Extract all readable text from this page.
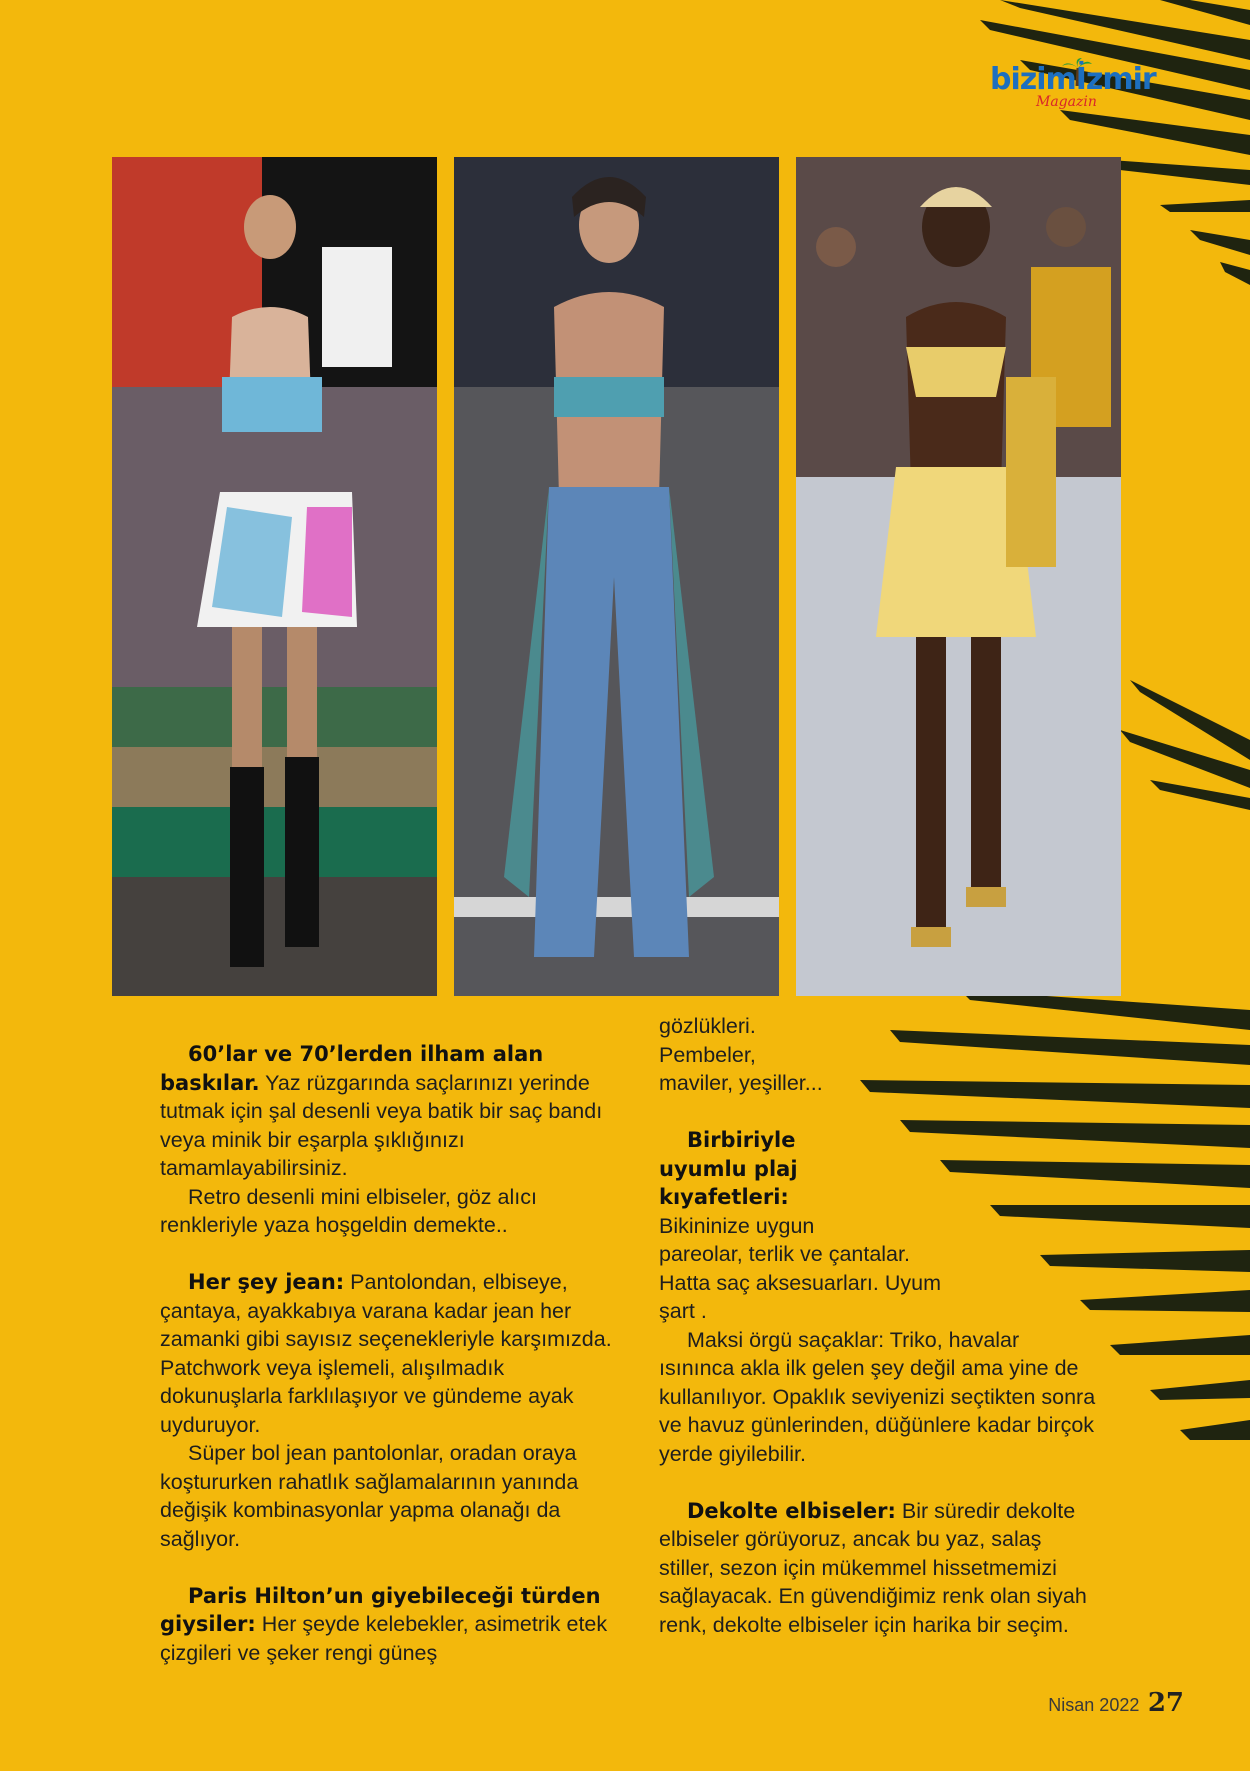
bizimİzmir
Magazin

60’lar ve 70’lerden ilham alan baskılar. Yaz rüzgarında saçlarınızı yerinde tutmak için şal desenli veya batik bir saç bandı veya minik bir eşarpla şıklığınızı tamamlayabilirsiniz.

Retro desenli mini elbiseler, göz alıcı renkleriyle yaza hoşgeldin demekte..

Her şey jean: Pantolondan, elbiseye, çantaya, ayakkabıya varana kadar jean her zamanki gibi sayısız seçenekleriyle karşımızda. Patchwork veya işlemeli, alışılmadık dokunuşlarla farklılaşıyor ve gündeme ayak uyduruyor.

Süper bol jean pantolonlar, oradan oraya koştururken rahatlık sağlamalarının yanında değişik kombinasyonlar yapma olanağı da sağlıyor.

Paris Hilton’un giyebileceği türden giysiler: Her şeyde kelebekler, asimetrik etek çizgileri ve şeker rengi güneş

gözlükleri.

Pembeler,

maviler, yeşiller...

Birbiriyle

uyumlu plaj

kıyafetleri:

Bikininize uygun

pareolar, terlik ve çantalar.

Hatta saç aksesuarları. Uyum

şart .

Maksi örgü saçaklar: Triko, havalar ısınınca akla ilk gelen şey değil ama yine de kullanılıyor. Opaklık seviyenizi seçtikten sonra ve havuz günlerinden, düğünlere kadar birçok yerde giyilebilir.

Dekolte elbiseler: Bir süredir dekolte elbiseler görüyoruz, ancak bu yaz, salaş stiller, sezon için mükemmel hissetmemizi sağlayacak. En güvendiğimiz renk olan siyah renk, dekolte elbiseler için harika bir seçim.

Nisan 2022 27
